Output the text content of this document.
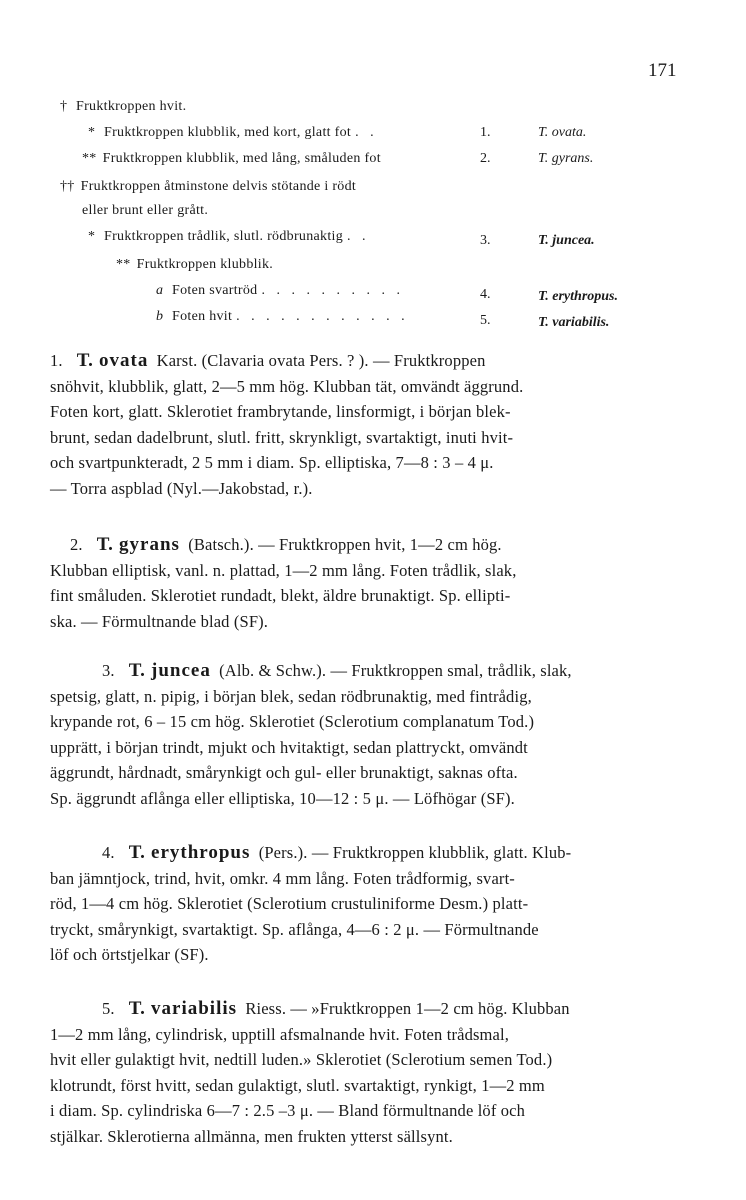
171
† Fruktkroppen hvit.
* Fruktkroppen klubblik, med kort, glatt fot . .	1.	T. ovata.
** Fruktkroppen klubblik, med lång, småluden fot	2.	T. gyrans.
†† Fruktkroppen åtminstone delvis stötande i rödt
eller brunt eller grått.
* Fruktkroppen trådlik, slutl. rödbrunaktig . .	3.	T. juncea.
** Fruktkroppen klubblik.
a Foten svartröd . . . . . . . . . .	4.	T. erythropus.
b Foten hvit . . . . . . . . . . . .	5.	T. variabilis.

1. T. ovata Karst. (Clavaria ovata Pers. ? ). — Fruktkroppen

snöhvit, klubblik, glatt, 2—5 mm hög. Klubban tät, omvändt äggrund.

Foten kort, glatt. Sklerotiet frambrytande, linsformigt, i början blek-

brunt, sedan dadelbrunt, slutl. fritt, skrynkligt, svartaktigt, inuti hvit-

och svartpunkteradt, 2 5 mm i diam. Sp. elliptiska, 7—8 : 3 – 4 μ.

— Torra aspblad (Nyl.—Jakobstad, r.).

2. T. gyrans (Batsch.). — Fruktkroppen hvit, 1—2 cm hög.

Klubban elliptisk, vanl. n. plattad, 1—2 mm lång. Foten trådlik, slak,

fint småluden. Sklerotiet rundadt, blekt, äldre brunaktigt. Sp. ellipti-

ska. — Förmultnande blad (SF).

3. T. juncea (Alb. & Schw.). — Fruktkroppen smal, trådlik, slak,

spetsig, glatt, n. pipig, i början blek, sedan rödbrunaktig, med fintrådig,

krypande rot, 6 – 15 cm hög. Sklerotiet (Sclerotium complanatum Tod.)

upprätt, i början trindt, mjukt och hvitaktigt, sedan plattryckt, omvändt

äggrundt, hårdnadt, smårynkigt och gul- eller brunaktigt, saknas ofta.

Sp. äggrundt aflånga eller elliptiska, 10—12 : 5 μ. — Löfhögar (SF).

4. T. erythropus (Pers.). — Fruktkroppen klubblik, glatt. Klub-

ban jämntjock, trind, hvit, omkr. 4 mm lång. Foten trådformig, svart-

röd, 1—4 cm hög. Sklerotiet (Sclerotium crustuliniforme Desm.) platt-

tryckt, smårynkigt, svartaktigt. Sp. aflånga, 4—6 : 2 μ. — Förmultnande

löf och örtstjelkar (SF).

5. T. variabilis Riess. — »Fruktkroppen 1—2 cm hög. Klubban

1—2 mm lång, cylindrisk, upptill afsmalnande hvit. Foten trådsmal,

hvit eller gulaktigt hvit, nedtill luden.» Sklerotiet (Sclerotium semen Tod.)

klotrundt, först hvitt, sedan gulaktigt, slutl. svartaktigt, rynkigt, 1—2 mm

i diam. Sp. cylindriska 6—7 : 2.5 –3 μ. — Bland förmultnande löf och

stjälkar. Sklerotierna allmänna, men frukten ytterst sällsynt.
